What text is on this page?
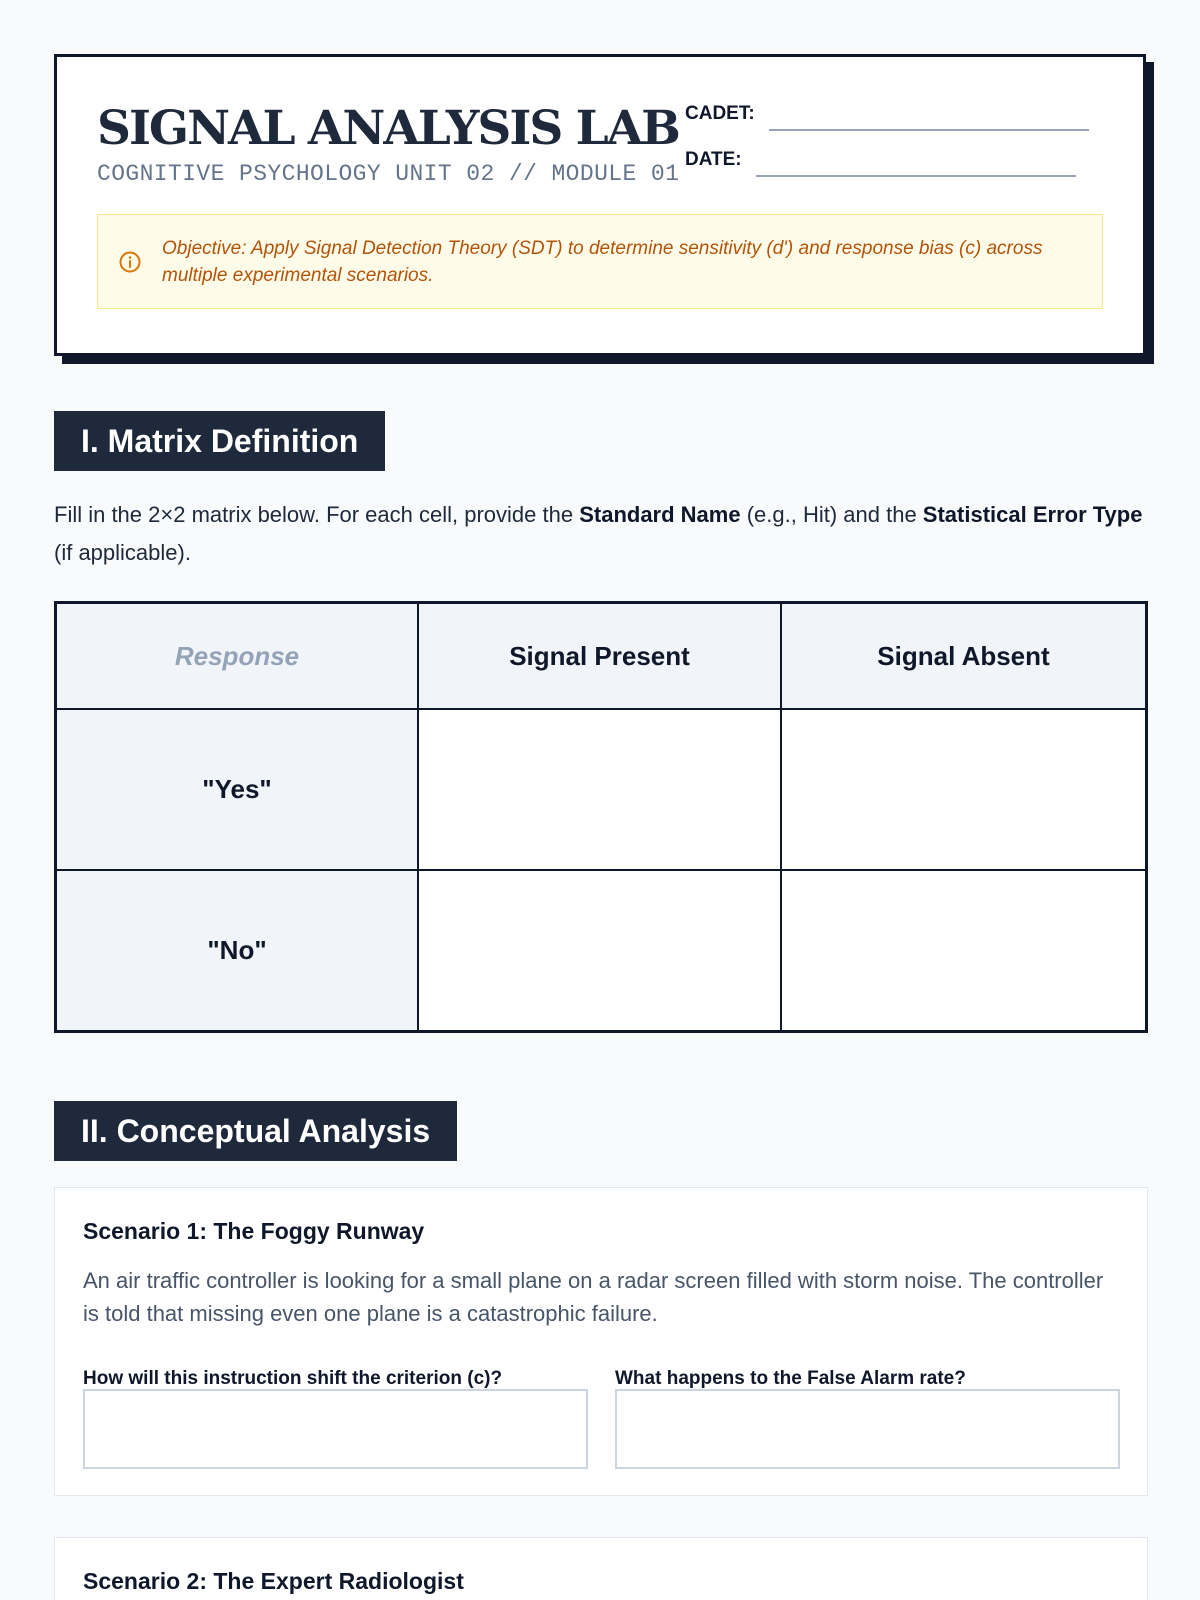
SIGNAL ANALYSIS LAB
COGNITIVE PSYCHOLOGY UNIT 02 // MODULE 01
CADET:
DATE:
Objective: Apply Signal Detection Theory (SDT) to determine sensitivity (d') and response bias (c) across multiple experimental scenarios.
I. Matrix Definition

Fill in the 2×2 matrix below. For each cell, provide the Standard Name (e.g., Hit) and the Statistical Error Type (if applicable).

Response	Signal Present	Signal Absent
"Yes"
"No"
II. Conceptual Analysis
Scenario 1: The Foggy Runway

An air traffic controller is looking for a small plane on a radar screen filled with storm noise. The controller is told that missing even one plane is a catastrophic failure.

How will this instruction shift the criterion (c)?	What happens to the False Alarm rate?
Scenario 2: The Expert Radiologist
